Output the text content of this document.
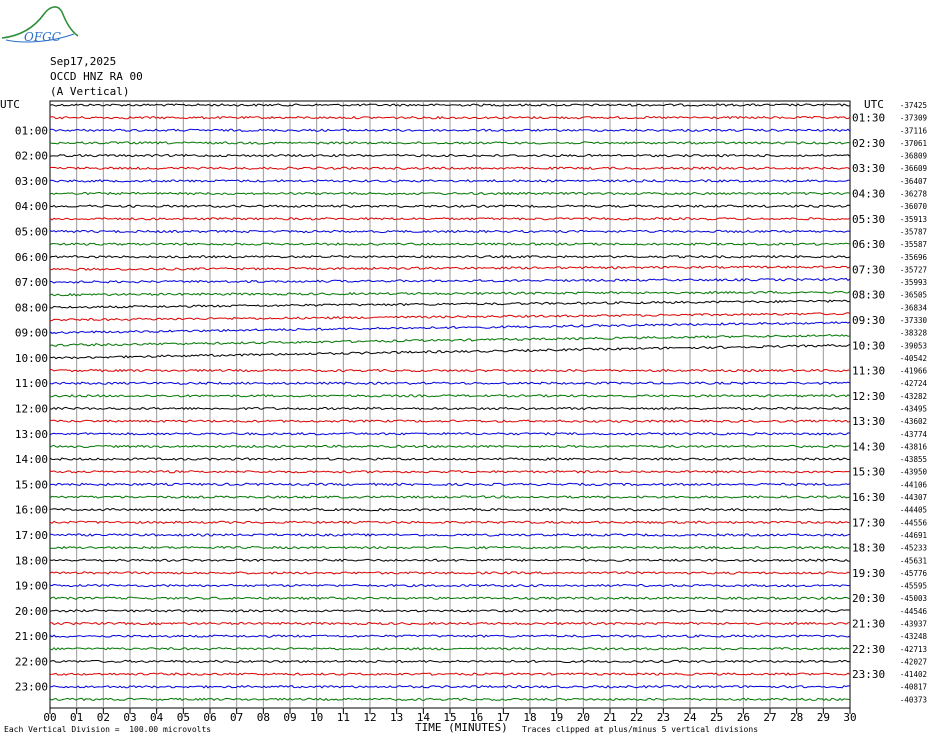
OFGC
Sep17,2025
OCCD HNZ RA 00
(A Vertical)
00 01 02 03 04 05 06 07 08 09 10 11 12 13 14 15 16 17 18 19 20 21 22 23 24 25 26 27 28 29 30
UTC	UTC
01:00
02:00
03:00
04:00
05:00
06:00
07:00
08:00
09:00
10:00
11:00
12:00
13:00
14:00
15:00
16:00
17:00
18:00
19:00
20:00
21:00
22:00
23:00
01:30
02:30
03:30
04:30
05:30
06:30
07:30
08:30
09:30
10:30
11:30
12:30
13:30
14:30
15:30
16:30
17:30
18:30
19:30
20:30
21:30
22:30
23:30
-37425
-37309
-37116
-37061
-36809
-36609
-36407
-36278
-36070
-35913
-35787
-35587
-35696
-35727
-35993
-36505
-36834
-37330
-38328
-39053
-40542
-41966
-42724
-43282
-43495
-43602
-43774
-43816
-43855
-43950
-44106
-44307
-44405
-44556
-44691
-45233
-45631
-45776
-45595
-45003
-44546
-43937
-43248
-42713
-42027
-41402
-40817
-40373
Each Vertical Division =  100.00 microvolts	TIME (MINUTES) Traces clipped at plus/minus 5 vertical divisions
